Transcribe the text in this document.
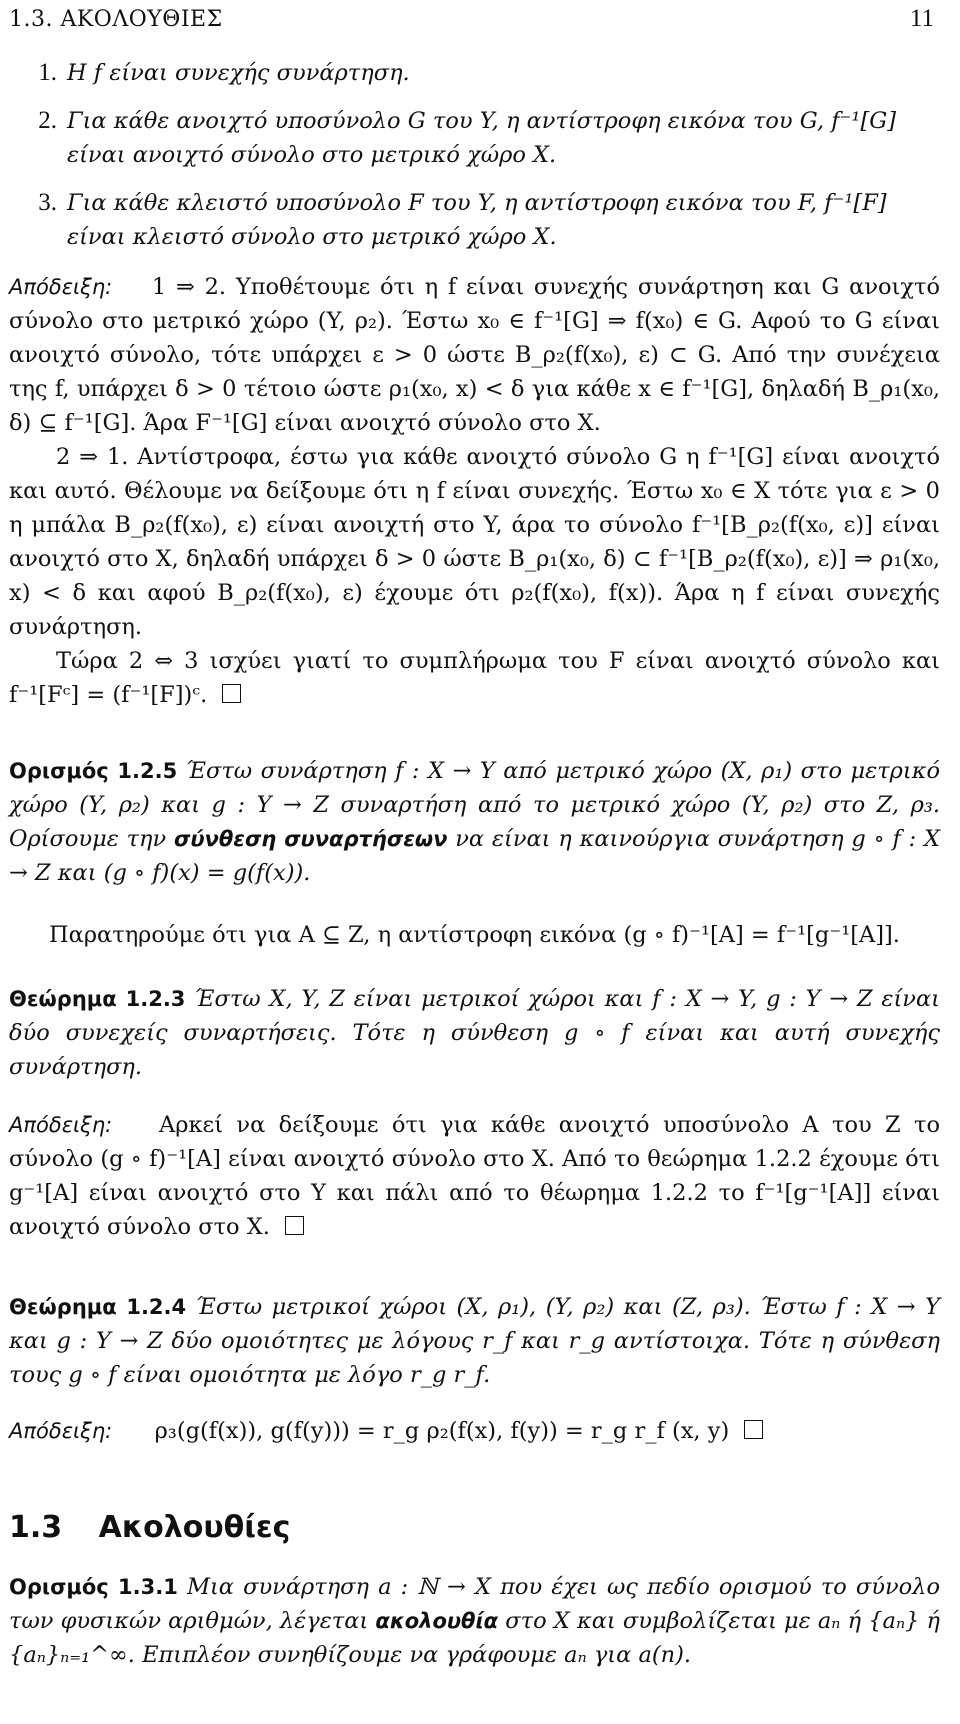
1.3. ΑΚΟΛΟΥΘΙΕΣ	11
1. Η f είναι συνεχής συνάρτηση.
2. Για κάθε ανοιχτό υποσύνολο G του Y, η αντίστροφη εικόνα του G, f⁻¹[G] είναι ανοιχτό σύνολο στο μετρικό χώρο X.
3. Για κάθε κλειστό υποσύνολο F του Y, η αντίστροφη εικόνα του F, f⁻¹[F] είναι κλειστό σύνολο στο μετρικό χώρο X.

Απόδειξη: 1 ⇒ 2. Υποθέτουμε ότι η f είναι συνεχής συνάρτηση και G ανοιχτό σύνολο στο μετρικό χώρο (Y, ρ₂). Έστω x₀ ∈ f⁻¹[G] ⇒ f(x₀) ∈ G. Αφού το G είναι ανοιχτό σύνολο, τότε υπάρχει ε > 0 ώστε B_ρ₂(f(x₀), ε) ⊂ G. Από την συνέχεια της f, υπάρχει δ > 0 τέτοιο ώστε ρ₁(x₀, x) < δ για κάθε x ∈ f⁻¹[G], δηλαδή B_ρ₁(x₀, δ) ⊆ f⁻¹[G]. Άρα F⁻¹[G] είναι ανοιχτό σύνολο στο X.

2 ⇒ 1. Αντίστροφα, έστω για κάθε ανοιχτό σύνολο G η f⁻¹[G] είναι ανοιχτό και αυτό. Θέλουμε να δείξουμε ότι η f είναι συνεχής. Έστω x₀ ∈ X τότε για ε > 0 η μπάλα B_ρ₂(f(x₀), ε) είναι ανοιχτή στο Y, άρα το σύνολο f⁻¹[B_ρ₂(f(x₀, ε)] είναι ανοιχτό στο X, δηλαδή υπάρχει δ > 0 ώστε B_ρ₁(x₀, δ) ⊂ f⁻¹[B_ρ₂(f(x₀), ε)] ⇒ ρ₁(x₀, x) < δ και αφού B_ρ₂(f(x₀), ε) έχουμε ότι ρ₂(f(x₀), f(x)). Άρα η f είναι συνεχής συνάρτηση.

Τώρα 2 ⇔ 3 ισχύει γιατί το συμπλήρωμα του F είναι ανοιχτό σύνολο και f⁻¹[Fᶜ] = (f⁻¹[F])ᶜ.

Ορισμός 1.2.5 Έστω συνάρτηση f : X → Y από μετρικό χώρο (X, ρ₁) στο μετρικό χώρο (Y, ρ₂) και g : Y → Z συναρτήση από το μετρικό χώρο (Y, ρ₂) στο Z, ρ₃. Ορίσουμε την σύνθεση συναρτήσεων να είναι η καινούργια συνάρτηση g ∘ f : X → Z και (g ∘ f)(x) = g(f(x)).

Παρατηρούμε ότι για A ⊆ Z, η αντίστροφη εικόνα (g ∘ f)⁻¹[A] = f⁻¹[g⁻¹[A]].

Θεώρημα 1.2.3 Έστω X, Y, Z είναι μετρικοί χώροι και f : X → Y, g : Y → Z είναι δύο συνεχείς συναρτήσεις. Τότε η σύνθεση g ∘ f είναι και αυτή συνεχής συνάρτηση.

Απόδειξη: Αρκεί να δείξουμε ότι για κάθε ανοιχτό υποσύνολο A του Z το σύνολο (g ∘ f)⁻¹[A] είναι ανοιχτό σύνολο στο X. Από το θεώρημα 1.2.2 έχουμε ότι g⁻¹[A] είναι ανοιχτό στο Y και πάλι από το θέωρημα 1.2.2 το f⁻¹[g⁻¹[A]] είναι ανοιχτό σύνολο στο X.

Θεώρημα 1.2.4 Έστω μετρικοί χώροι (X, ρ₁), (Y, ρ₂) και (Z, ρ₃). Έστω f : X → Y και g : Y → Z δύο ομοιότητες με λόγους r_f και r_g αντίστοιχα. Τότε η σύνθεση τους g ∘ f είναι ομοιότητα με λόγο r_g r_f.

Απόδειξη: ρ₃(g(f(x)), g(f(y))) = r_g ρ₂(f(x), f(y)) = r_g r_f (x, y)

1.3 Ακολουθίες

Ορισμός 1.3.1 Μια συνάρτηση a : ℕ → X που έχει ως πεδίο ορισμού το σύνολο των φυσικών αριθμών, λέγεται ακολουθία στο X και συμβολίζεται με aₙ ή {aₙ} ή {aₙ}ₙ₌₁^∞. Επιπλέον συνηθίζουμε να γράφουμε aₙ για a(n).
